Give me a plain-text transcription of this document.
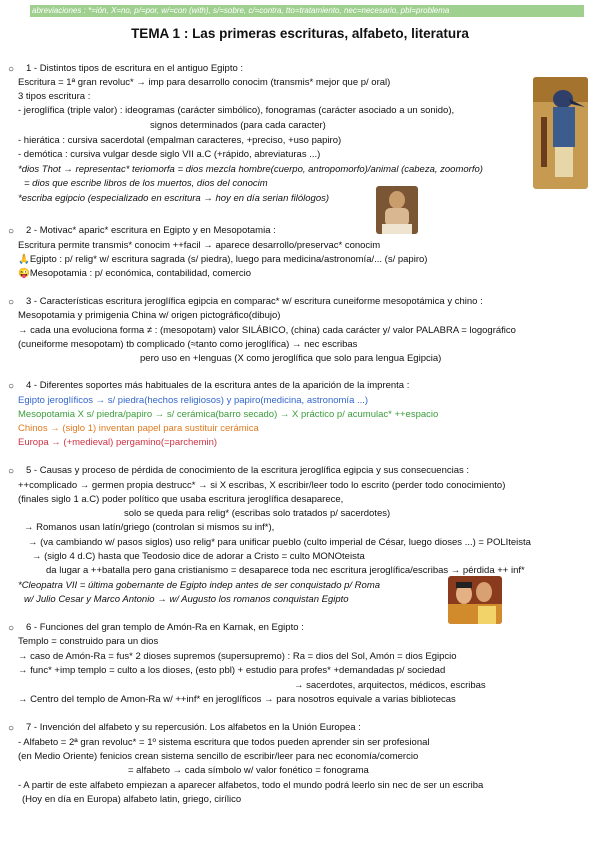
abreviaciones : *=ión, X=no, p/=por, w/=con (with), s/=sobre, c/=contra, tto=tratamiento, nec=necesario, pbl=problema
TEMA 1 : Las primeras escrituras, alfabeto, literatura
○ 1 - Distintos tipos de escritura en el antiguo Egipto :
Escritura = 1ª gran revoluc* → imp para desarrollo conocim (transmis* mejor que p/ oral)
3 tipos escritura :
- jeroglífica (triple valor) : ideogramas (carácter simbólico), fonogramas (carácter asociado a un sonido),
signos determinados (para cada caracter)
- hierática : cursiva sacerdotal (empalman caracteres, +preciso, +uso papiro)
- demótica : cursiva vulgar desde siglo VII a.C (+rápido, abreviaturas ...)
*dios Thot → representac* teriomorfa = dios mezcla hombre(cuerpo, antropomorfo)/animal (cabeza, zoomorfo)
= dios que escribe libros de los muertos, dios del conocim
*escriba egipcio (especializado en escritura → hoy en día serian filólogos)
○ 2 - Motivac* aparic* escritura en Egipto y en Mesopotamia :
Escritura permite transmis* conocim ++facil → aparece desarrollo/preservac* conocim
🙏Egipto : p/ relig* w/ escritura sagrada (s/ piedra), luego para medicina/astronomía/... (s/ papiro)
😜Mesopotamia : p/ económica, contabilidad, comercio
○ 3 - Características escritura jeroglífica egipcia en comparac* w/ escritura cuneiforme mesopotámica y chino :
Mesopotamia y primigenia China w/ origen pictográfico(dibujo)
→ cada una evoluciona forma ≠ : (mesopotam) valor SILÁBICO, (china) cada carácter y/ valor PALABRA = logográfico
(cuneiforme mesopotam) tb complicado (≈tanto como jeroglífica) → nec escribas
pero uso en +lenguas (X como jeroglífica que solo para lengua Egipcia)
○ 4 - Diferentes soportes más habituales de la escritura antes de la aparición de la imprenta :
Egipto jeroglíficos → s/ piedra(hechos religiosos) y papiro(medicina, astronomía ...)
Mesopotamia X s/ piedra/papiro → s/ cerámica(barro secado) → X práctico p/ acumulac* ++espacio
Chinos → (siglo 1) inventan papel para sustituir cerámica
Europa → (+medieval) pergamino(=parchemin)
○ 5 - Causas y proceso de pérdida de conocimiento de la escritura jeroglífica egipcia y sus consecuencias :
++complicado → germen propia destrucc* → si X escribas, X escribir/leer todo lo escrito (perder todo conocimiento)
(finales siglo 1 a.C) poder político que usaba escritura jeroglífica desaparece,
solo se queda para relig* (escribas solo tratados p/ sacerdotes)
→ Romanos usan latín/griego (controlan si mismos su inf*),
→ (va cambiando w/ pasos siglos) uso relig* para unificar pueblo (culto imperial de César, luego dioses ...) = POLIteista
→ (siglo 4 d.C) hasta que Teodosio dice de adorar a Cristo = culto MONOteista
da lugar a ++batalla pero gana cristianismo = desaparece toda nec escritura jeroglífica/escribas → pérdida ++ inf*
*Cleopatra VII = última gobernante de Egipto indep antes de ser conquistado p/ Roma
w/ Julio Cesar y Marco Antonio → w/ Augusto los romanos conquistan Egipto
○ 6 - Funciones del gran templo de Amón-Ra en Karnak, en Egipto :
Templo = construido para un dios
→ caso de Amón-Ra = fus* 2 dioses supremos (supersupremo) : Ra = dios del Sol, Amón = dios Egipcio
→ func* +imp templo = culto a los dioses, (esto pbl) + estudio para profes* +demandadas p/ sociedad
→ sacerdotes, arquitectos, médicos, escribas
→ Centro del templo de Amon-Ra w/ ++inf* en jeroglíficos → para nosotros equivale a varias bibliotecas
○ 7 - Invención del alfabeto y su repercusión. Los alfabetos en la Unión Europea :
- Alfabeto = 2ª gran revoluc* = 1º sistema escritura que todos pueden aprender sin ser profesional
(en Medio Oriente) fenicios crean sistema sencillo de escribir/leer para nec economía/comercio
= alfabeto → cada símbolo w/ valor fonético = fonograma
- A partir de este alfabeto empiezan a aparecer alfabetos, todo el mundo podrá leerlo sin nec de ser un escriba
(Hoy en día en Europa) alfabeto latin, griego, cirílico
